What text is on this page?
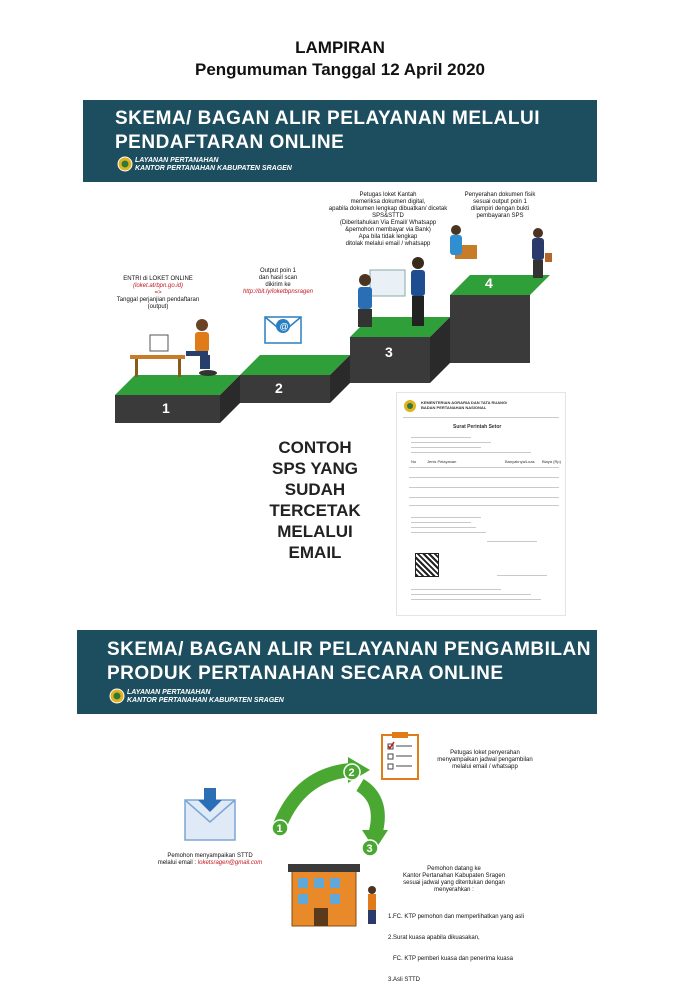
LAMPIRAN
Pengumuman Tanggal 12 April 2020
SKEMA/ BAGAN ALIR PELAYANAN MELALUI
PENDAFTARAN ONLINE
LAYANAN PERTANAHAN
KANTOR PERTANAHAN KABUPATEN SRAGEN
@
1
2
3
4
ENTRI di LOKET ONLINE
(loket.atrbpn.go.id)
=>
Tanggal perjanjian pendaftaran
(output)
Output poin 1
dan hasil scan
dikirim ke
http://bit.ly/loketbpnsragen
Petugas loket Kantah
memeriksa dokumen digital,
apabila dokumen lengkap dibuatkan/ dicetak
SPS&STTD
(Diberitahukan Via Email/ Whatsapp
&pemohon membayar via Bank)
Apa bila tidak lengkap
ditolak melalui email / whatsapp
Penyerahan dokumen fisik
sesuai output poin 1
dilampiri dengan bukti
pembayaran SPS
CONTOH
SPS YANG
SUDAH
TERCETAK
MELALUI
EMAIL
KEMENTERIAN AGRARIA DAN TATA RUANG/
BADAN PERTANAHAN NASIONAL
Surat Perintah Setor
No	Jenis Pelayanan	Banyaknya/Luas Biaya (Rp)
SKEMA/ BAGAN ALIR PELAYANAN PENGAMBILAN
PRODUK PERTANAHAN SECARA ONLINE
LAYANAN PERTANAHAN
KANTOR PERTANAHAN KABUPATEN SRAGEN
1
2
3
Pemohon menyampaikan STTD
melalui email : loketsragen@gmail.com
Petugas loket penyerahan
menyampaikan jadwal pengambilan
melalui email / whatsapp
Pemohon datang ke
Kantor Pertanahan Kabupaten Sragen
sesuai jadwal yang ditentukan dengan
menyerahkan :

1.FC. KTP pemohon dan memperlihatkan yang asli

2.Surat kuasa apabila dikuasakan,

FC. KTP pemberi kuasa dan penerima kuasa

3.Asli STTD
